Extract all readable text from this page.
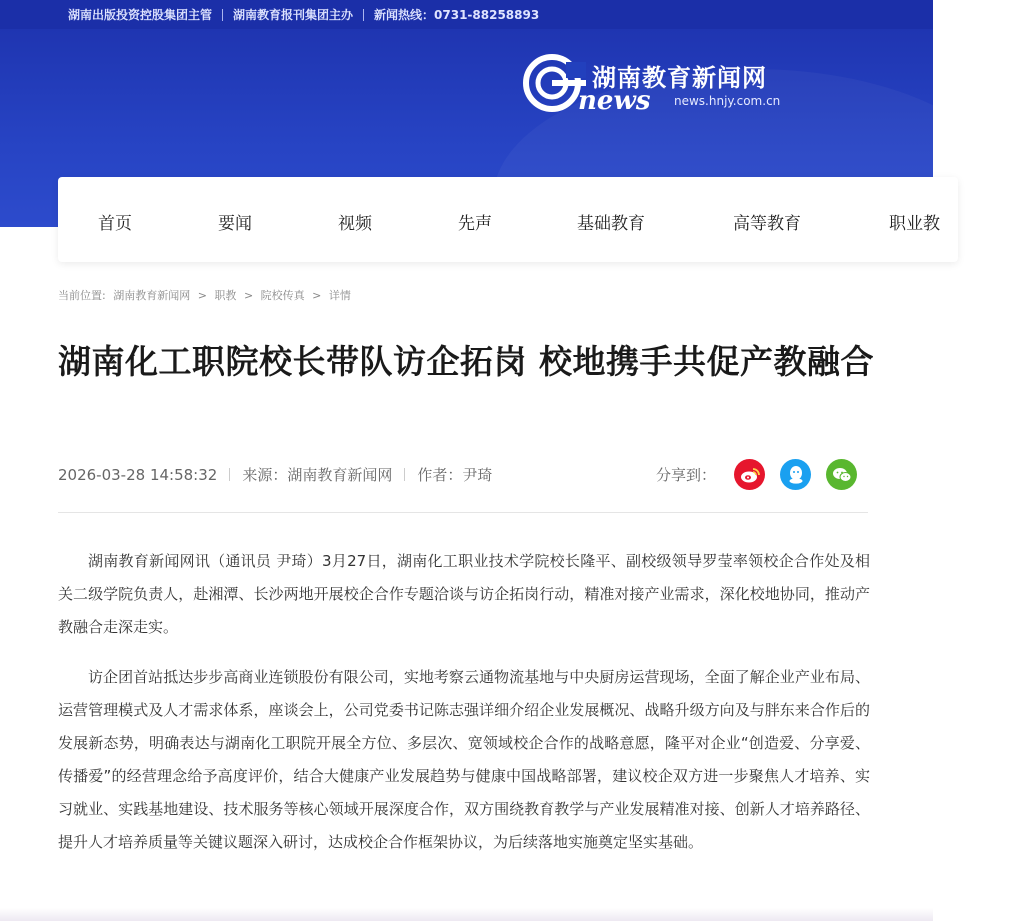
湖南出版投资控股集团主管 湖南教育报刊集团主办 新闻热线：0731-88258893
湖南教育新闻网
news news.hnjy.com.cn
首页	要闻	视频	先声	基础教育	高等教育	职业教
当前位置: 湖南教育新闻网 > 职教 > 院校传真 > 详情
湖南化工职院校长带队访企拓岗 校地携手共促产教融合
2026-03-28 14:58:32 来源：湖南教育新闻网 作者：尹琦	分享到：

湖南教育新闻网讯（通讯员 尹琦）3月27日，湖南化工职业技术学院校长隆平、副校级领导罗莹率领校企合作处及相关二级学院负责人，赴湘潭、长沙两地开展校企合作专题洽谈与访企拓岗行动，精准对接产业需求，深化校地协同，推动产教融合走深走实。

访企团首站抵达步步高商业连锁股份有限公司，实地考察云通物流基地与中央厨房运营现场，全面了解企业产业布局、运营管理模式及人才需求体系，座谈会上，公司党委书记陈志强详细介绍企业发展概况、战略升级方向及与胖东来合作后的发展新态势，明确表达与湖南化工职院开展全方位、多层次、宽领域校企合作的战略意愿，隆平对企业“创造爱、分享爱、传播爱”的经营理念给予高度评价，结合大健康产业发展趋势与健康中国战略部署，建议校企双方进一步聚焦人才培养、实习就业、实践基地建设、技术服务等核心领域开展深度合作，双方围绕教育教学与产业发展精准对接、创新人才培养路径、提升人才培养质量等关键议题深入研讨，达成校企合作框架协议，为后续落地实施奠定坚实基础。
